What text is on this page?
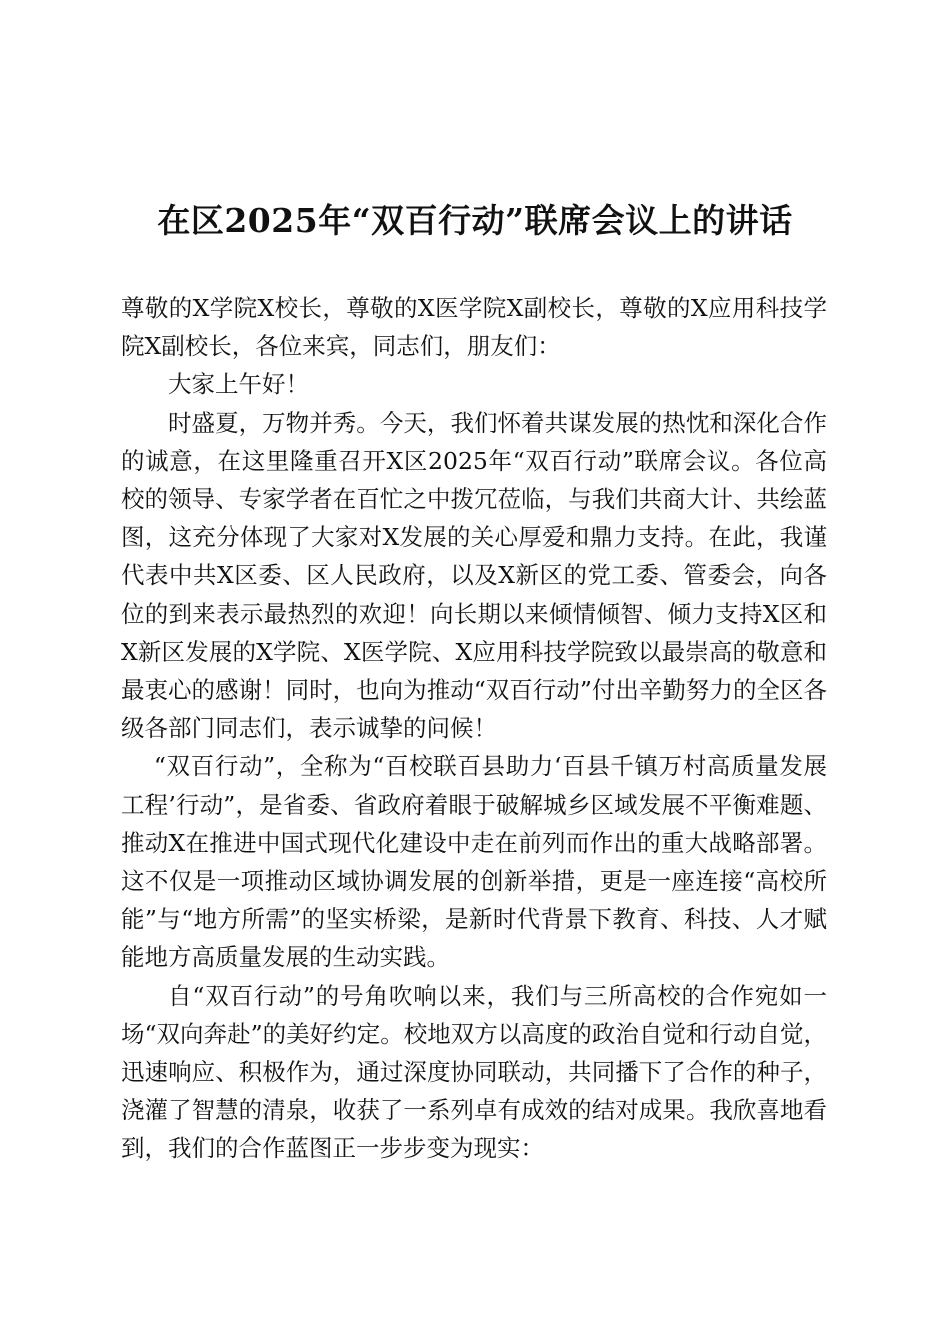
在区2025年“双百行动”联席会议上的讲话

尊敬的X学院X校长，尊敬的X医学院X副校长，尊敬的X应用科技学院X副校长，各位来宾，同志们，朋友们：

大家上午好！

时盛夏，万物并秀。今天，我们怀着共谋发展的热忱和深化合作的诚意，在这里隆重召开X区2025年“双百行动”联席会议。各位高校的领导、专家学者在百忙之中拨冗莅临，与我们共商大计、共绘蓝图，这充分体现了大家对X发展的关心厚爱和鼎力支持。在此，我谨代表中共X区委、区人民政府，以及X新区的党工委、管委会，向各位的到来表示最热烈的欢迎！向长期以来倾情倾智、倾力支持X区和X新区发展的X学院、X医学院、X应用科技学院致以最崇高的敬意和最衷心的感谢！同时，也向为推动“双百行动”付出辛勤努力的全区各级各部门同志们，表示诚挚的问候！

“双百行动”，全称为“百校联百县助力‘百县千镇万村高质量发展工程’行动”，是省委、省政府着眼于破解城乡区域发展不平衡难题、推动X在推进中国式现代化建设中走在前列而作出的重大战略部署。这不仅是一项推动区域协调发展的创新举措，更是一座连接“高校所能”与“地方所需”的坚实桥梁，是新时代背景下教育、科技、人才赋能地方高质量发展的生动实践。

自“双百行动”的号角吹响以来，我们与三所高校的合作宛如一场“双向奔赴”的美好约定。校地双方以高度的政治自觉和行动自觉，迅速响应、积极作为，通过深度协同联动，共同播下了合作的种子，浇灌了智慧的清泉，收获了一系列卓有成效的结对成果。我欣喜地看到，我们的合作蓝图正一步步变为现实：
